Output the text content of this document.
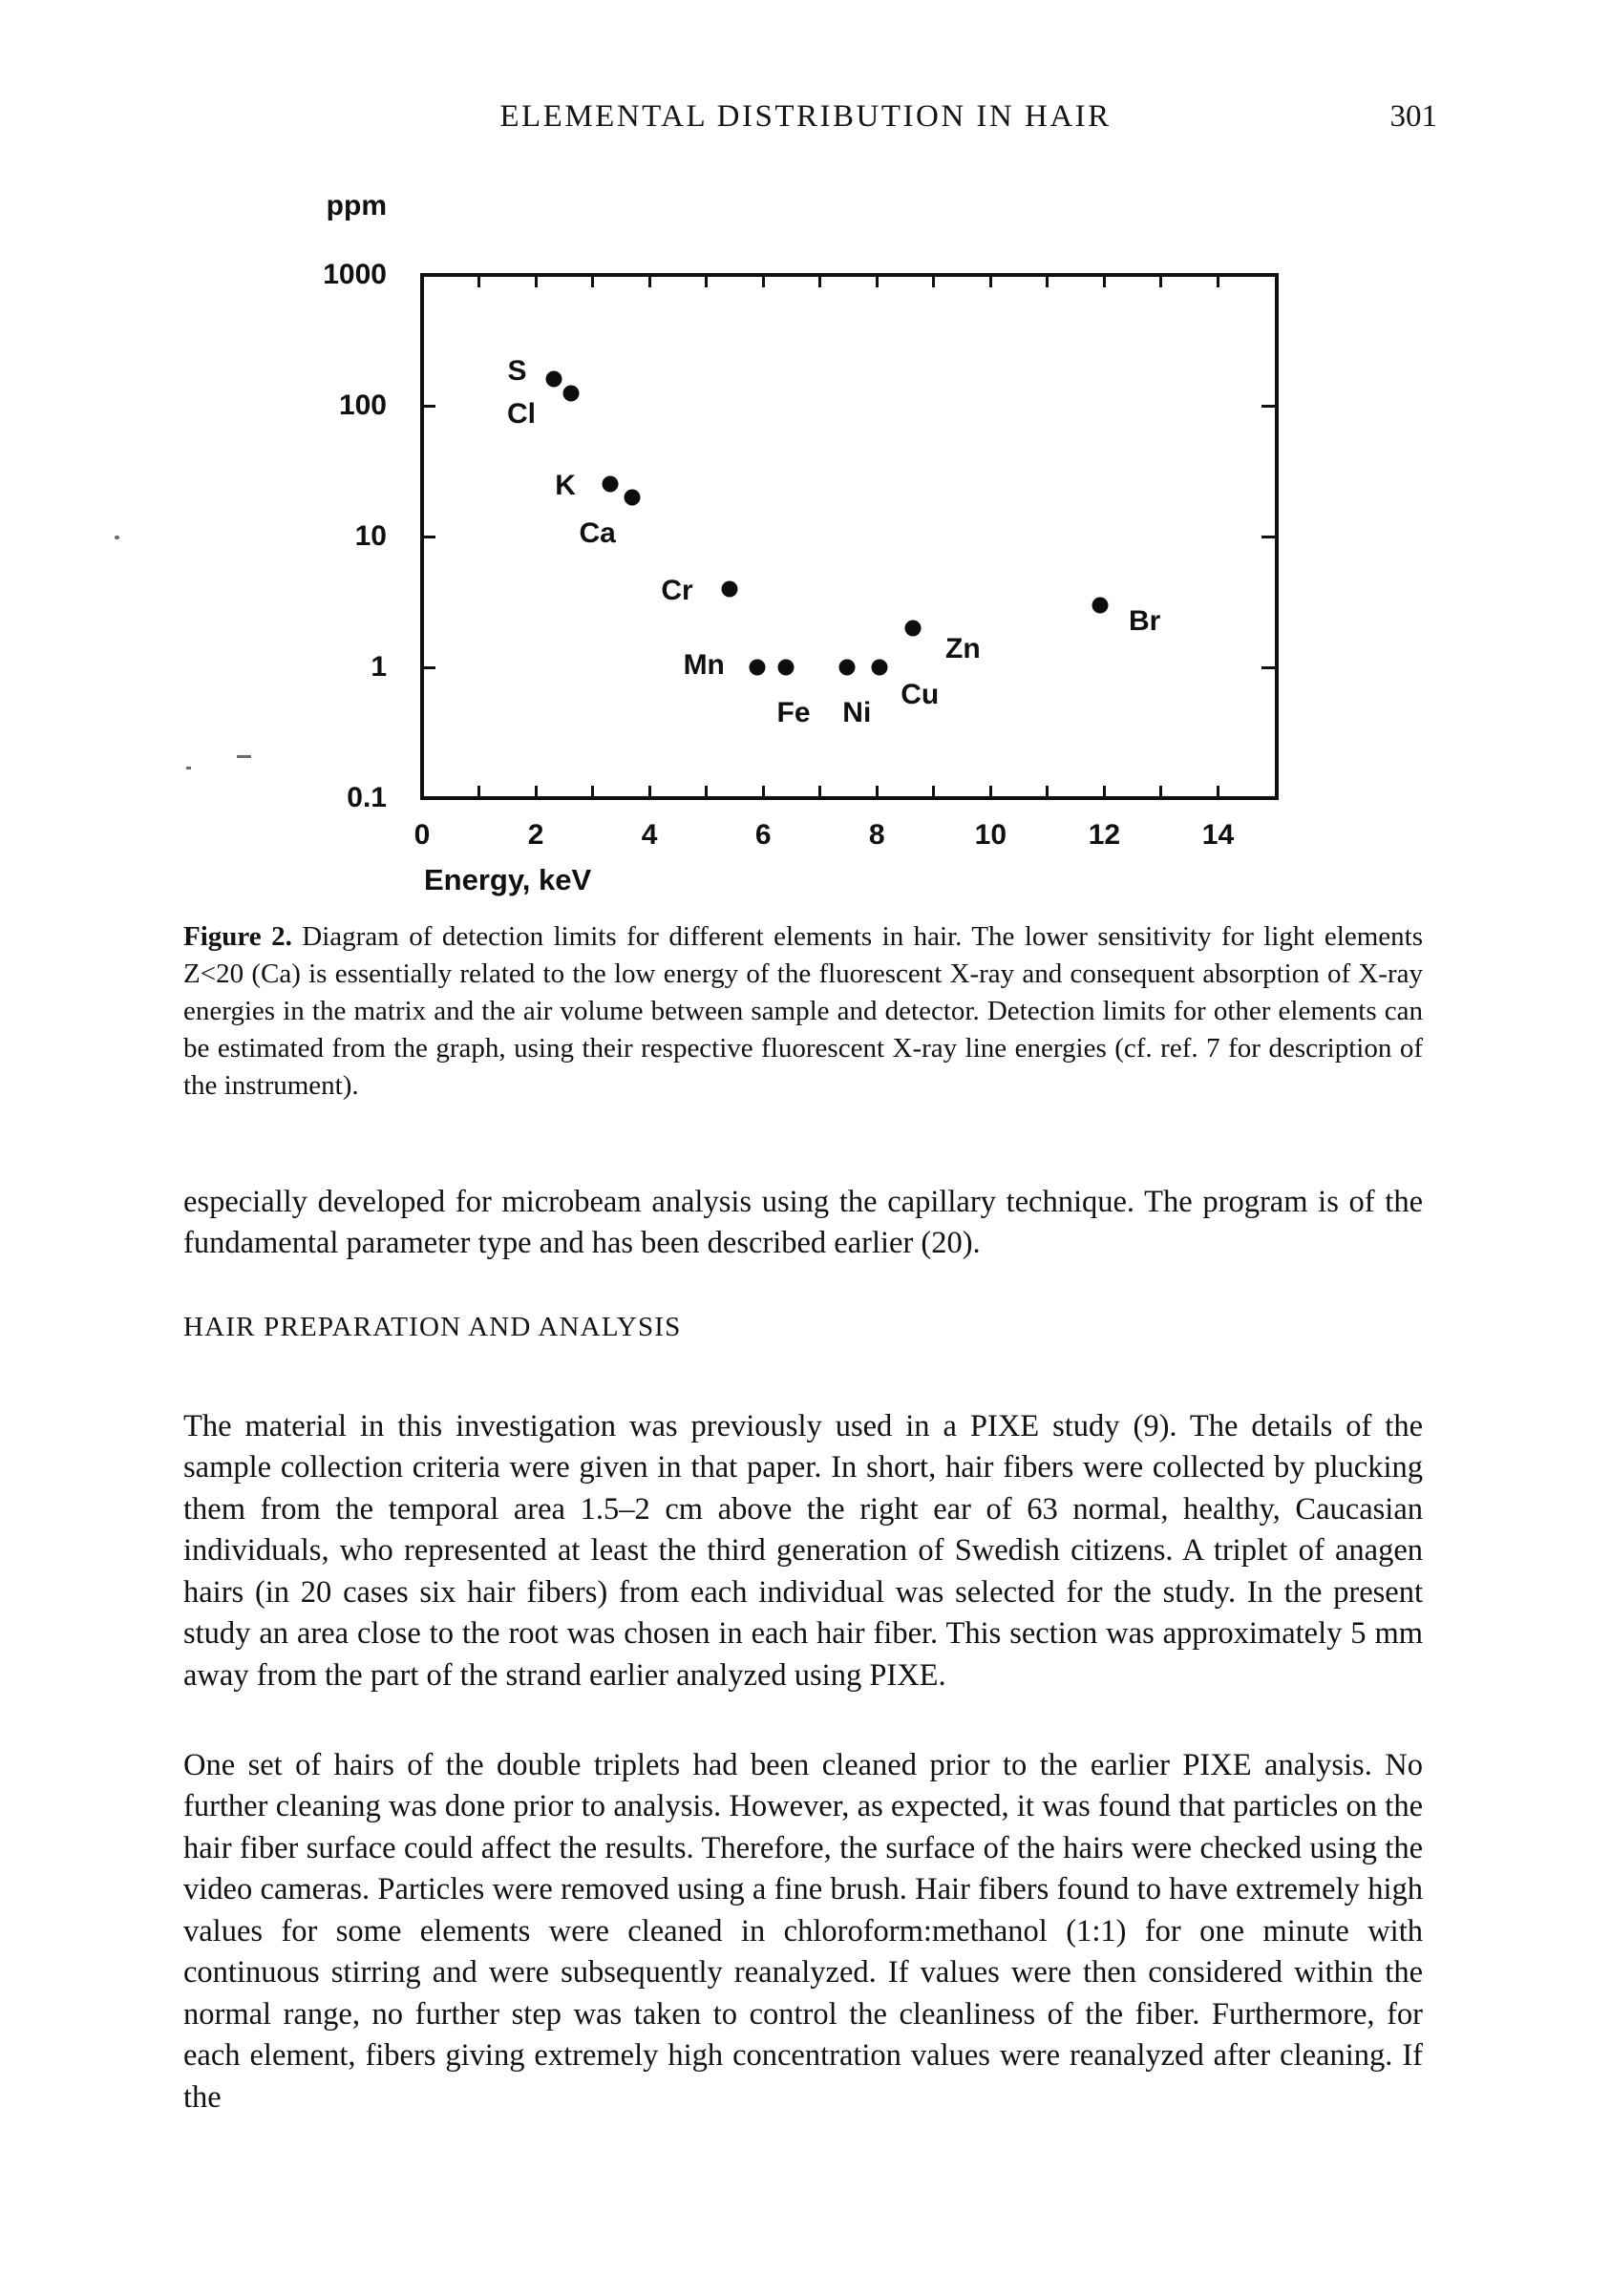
ELEMENTAL DISTRIBUTION IN HAIR	301
ppm
1000
100
10
1
0.1
0	2	4	6	8	10	12	14
S
Cl
K
Ca
Cr
Mn
Fe Ni
Cu
Zn
Br
Energy, keV
Figure 2. Diagram of detection limits for different elements in hair. The lower sensitivity for light elements Z<20 (Ca) is essentially related to the low energy of the fluorescent X-ray and consequent absorption of X-ray energies in the matrix and the air volume between sample and detector. Detection limits for other elements can be estimated from the graph, using their respective fluorescent X-ray line energies (cf. ref. 7 for description of the instrument).

especially developed for microbeam analysis using the capillary technique. The program is of the fundamental parameter type and has been described earlier (20).

HAIR PREPARATION AND ANALYSIS

The material in this investigation was previously used in a PIXE study (9). The details of the sample collection criteria were given in that paper. In short, hair fibers were collected by plucking them from the temporal area 1.5–2 cm above the right ear of 63 normal, healthy, Caucasian individuals, who represented at least the third generation of Swedish citizens. A triplet of anagen hairs (in 20 cases six hair fibers) from each individual was selected for the study. In the present study an area close to the root was chosen in each hair fiber. This section was approximately 5 mm away from the part of the strand earlier analyzed using PIXE.

One set of hairs of the double triplets had been cleaned prior to the earlier PIXE analysis. No further cleaning was done prior to analysis. However, as expected, it was found that particles on the hair fiber surface could affect the results. Therefore, the surface of the hairs were checked using the video cameras. Particles were removed using a fine brush. Hair fibers found to have extremely high values for some elements were cleaned in chloroform:methanol (1:1) for one minute with continuous stirring and were subsequently reanalyzed. If values were then considered within the normal range, no further step was taken to control the cleanliness of the fiber. Furthermore, for each element, fibers giving extremely high concentration values were reanalyzed after cleaning. If the
